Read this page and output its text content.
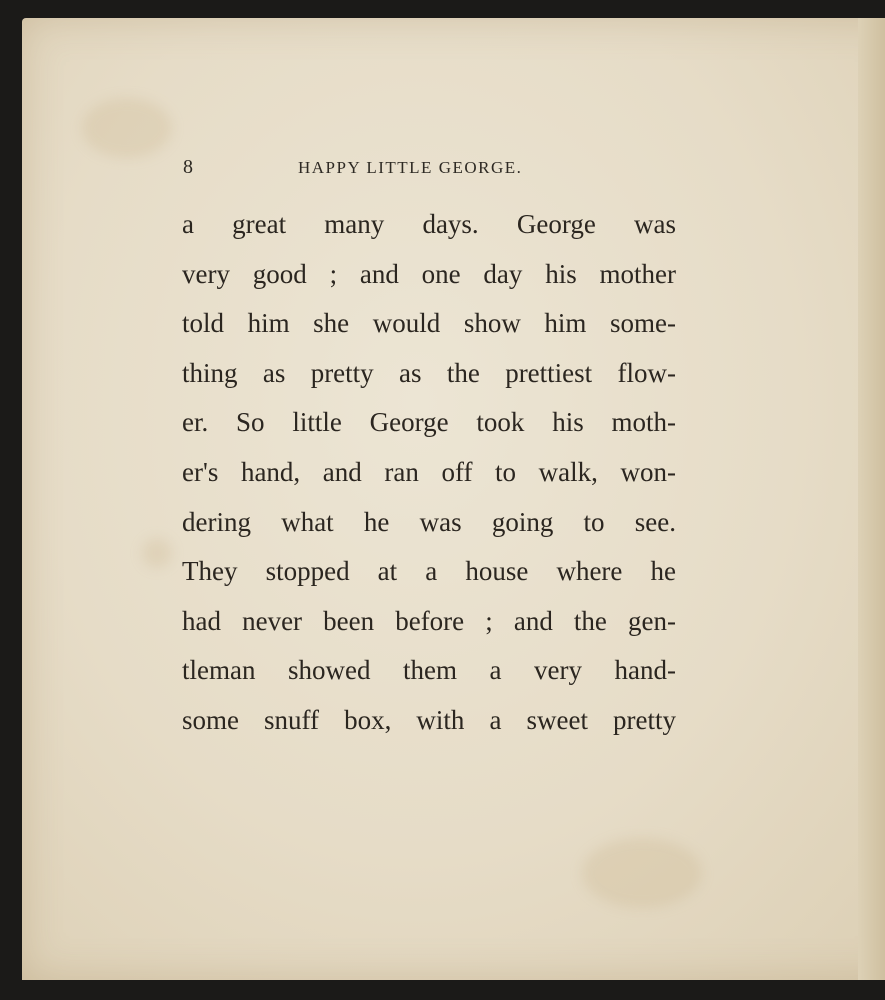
8	HAPPY LITTLE GEORGE.
a great many days. George was
very good ; and one day his mother
told him she would show him some-
thing as pretty as the prettiest flow-
er. So little George took his moth-
er's hand, and ran off to walk, won-
dering what he was going to see.
They stopped at a house where he
had never been before ; and the gen-
tleman showed them a very hand-
some snuff box, with a sweet pretty
